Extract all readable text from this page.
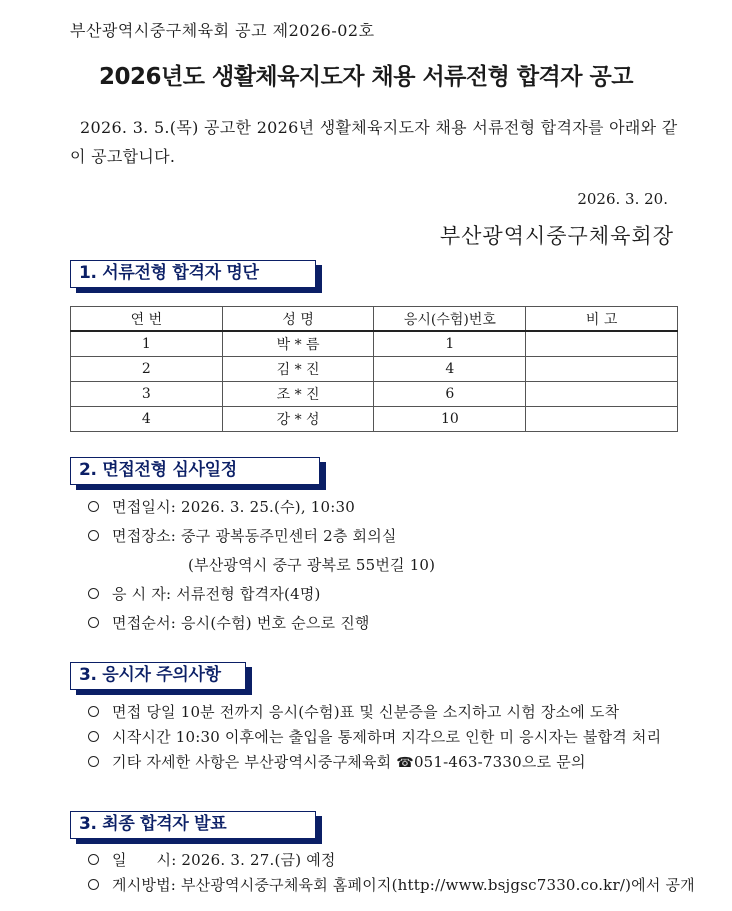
부산광역시중구체육회 공고 제2026-02호
2026년도 생활체육지도자 채용 서류전형 합격자 공고
2026. 3. 5.(목) 공고한 2026년 생활체육지도자 채용 서류전형 합격자를 아래와 같이 공고합니다.
2026. 3. 20.
부산광역시중구체육회장
1. 서류전형 합격자 명단
연 번	성 명	응시(수험)번호	비 고
1	박 * 름	1	
2	김 * 진	4	
3	조 * 진	6	
4	강 * 성	10	
2. 면접전형 심사일정
면접일시: 2026. 3. 25.(수), 10:30
면접장소: 중구 광복동주민센터 2층 회의실
(부산광역시 중구 광복로 55번길 10)
응 시 자: 서류전형 합격자(4명)
면접순서: 응시(수험) 번호 순으로 진행
3. 응시자 주의사항
면접 당일 10분 전까지 응시(수험)표 및 신분증을 소지하고 시험 장소에 도착
시작시간 10:30 이후에는 출입을 통제하며 지각으로 인한 미 응시자는 불합격 처리
기타 자세한 사항은 부산광역시중구체육회 ☎051-463-7330으로 문의
3. 최종 합격자 발표
일      시: 2026. 3. 27.(금) 예정
게시방법: 부산광역시중구체육회 홈페이지(http://www.bsjgsc7330.co.kr/)에서 공개
